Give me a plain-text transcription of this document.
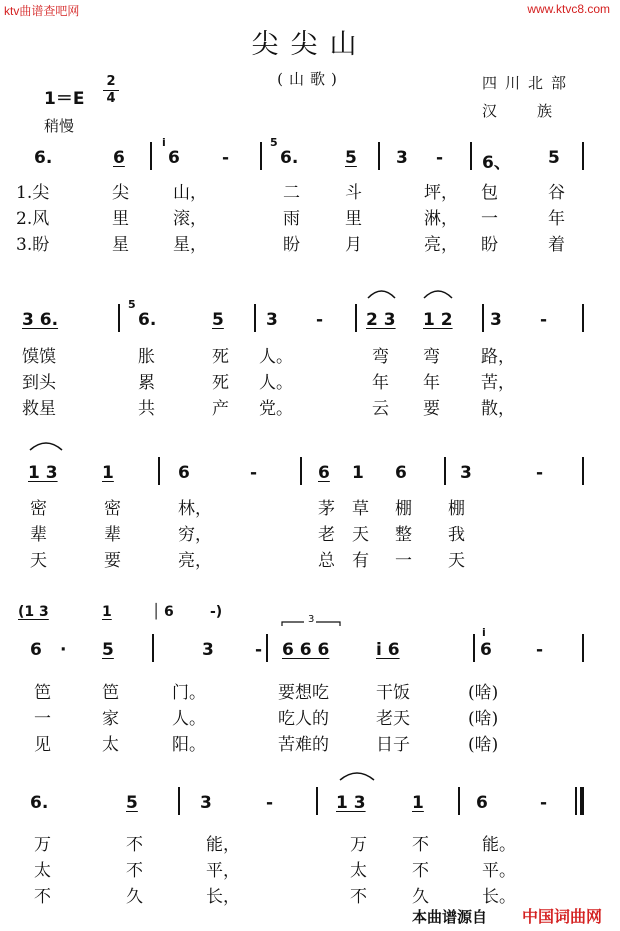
ktv曲谱查吧网	www.ktvc8.com
尖尖山
(山歌)
1＝E
2
4
稍慢
四川北部
汉族
6.	6	6 -	6.	5 3 - 6、 5
i	5
1.尖	尖	山，	二	斗	坪， 包	谷
2.风	里	滚，	雨	里	淋， 一	年
3.盼	星	星，	盼	月	亮， 盼	着
3 6.	6.	5 3 -	2 3 1 2 3 -
5
馍馍	胀	死 人。	弯 弯 路，
到头	累	死 人。	年 年 苦，
救星	共	产 党。	云 要 散，
1 3	1	6	-	6 1 6	3	-
密	密	林，	茅 草 棚 棚
辈	辈	穷，	老 天 整 我
天	要	亮，	总 有 一 天
6 · 5	3 - 6 6 6	i 6	6	-
(1 3	1	│ 6	-)
i
3
笆	笆	门。	要想吃	干饭	(啥)
一	家	人。	吃人的	老天	(啥)
见	太	阳。	苦难的	日子	(啥)
6.	5	3	-	1 3	1	6	-
万	不	能，	万	不	能。
太	不	平，	太	不	平。
不	久	长，	不	久	长。
本曲谱源自 中国词曲网
